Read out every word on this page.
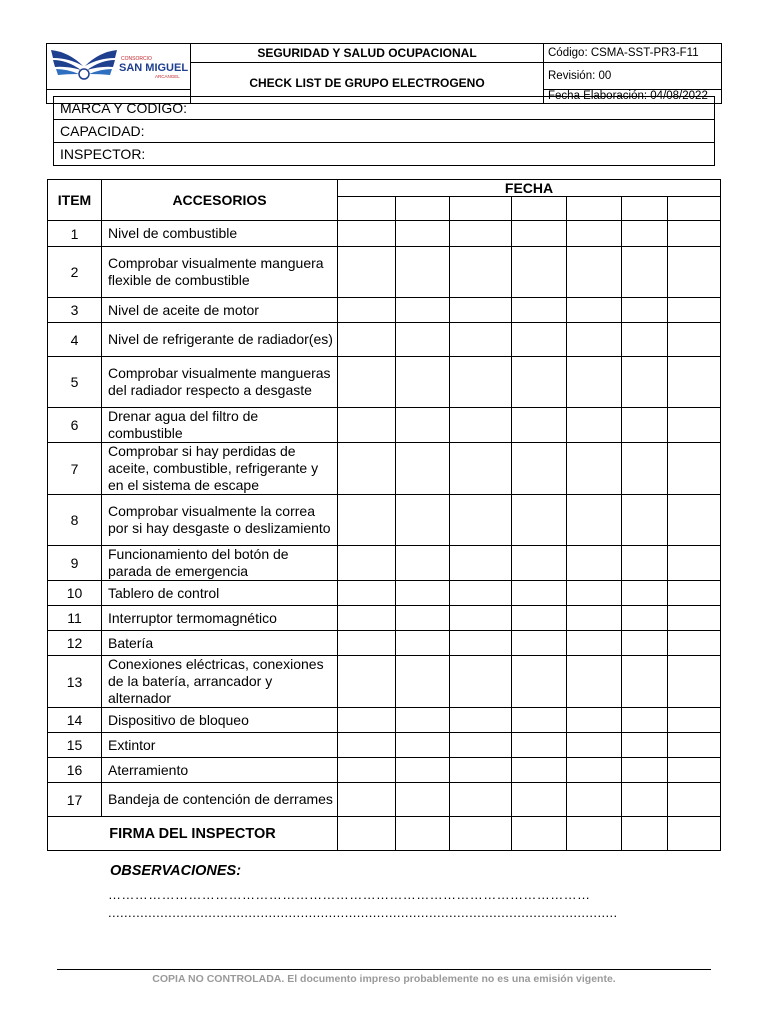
CONSORCIO
SAN MIGUEL
ARCANGEL	SEGURIDAD Y SALUD OCUPACIONAL	Código: CSMA-SST-PR3-F11
	CHECK LIST DE GRUPO ELECTROGENO	Revisión: 00
		Fecha Elaboración: 04/08/2022
MARCA Y CODIGO:
CAPACIDAD:
INSPECTOR:
ITEM	ACCESORIOS	FECHA						

1	Nivel de combustible							
2	Comprobar visualmente manguera flexible de combustible							
3	Nivel de aceite de motor							
4	Nivel de refrigerante de radiador(es)							
5	Comprobar visualmente mangueras del radiador respecto a desgaste							
6	Drenar agua del filtro de combustible							
7	Comprobar si hay perdidas de aceite, combustible, refrigerante y en el sistema de escape							
8	Comprobar visualmente la correa por si hay desgaste o deslizamiento							
9	Funcionamiento del botón de parada de emergencia							
10	Tablero de control							
11	Interruptor termomagnético							
12	Batería							
13	Conexiones eléctricas, conexiones de la batería, arrancador y alternador							
14	Dispositivo de bloqueo							
15	Extintor							
16	Aterramiento							
17	Bandeja de contención de derrames							
FIRMA DEL INSPECTOR								
OBSERVACIONES:
………………………………………………………………………………………………
...............................................................................................................................
COPIA NO CONTROLADA. El documento impreso probablemente no es una emisión vigente.
